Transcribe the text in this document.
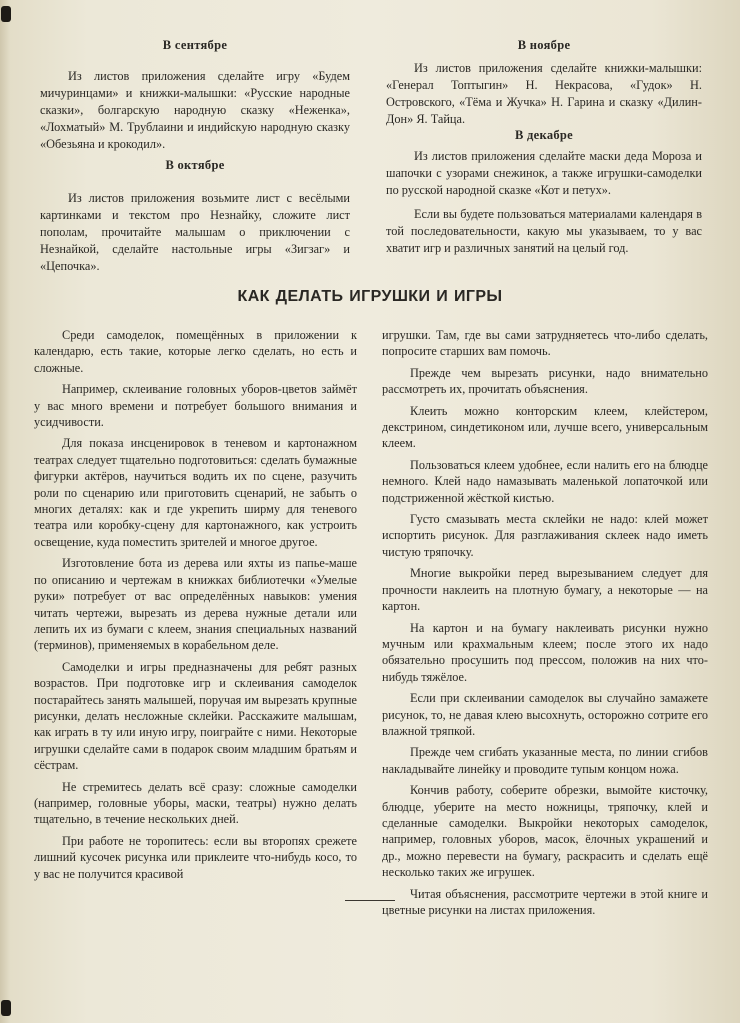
В сентябре

Из листов приложения сделайте игру «Будем мичуринцами» и книжки-малышки: «Русские народные сказки», болгарскую народную сказку «Неженка», «Лохматый» М. Трублаини и индийскую народную сказку «Обезьяна и крокодил».

В октябре

Из листов приложения возьмите лист с весёлыми картинками и текстом про Незнайку, сложите лист пополам, прочитайте малышам о приключении с Незнайкой, сделайте настольные игры «Зигзаг» и «Цепочка».

В ноябре

Из листов приложения сделайте книжки-малышки: «Генерал Топтыгин» Н. Некрасова, «Гудок» Н. Островского, «Тёма и Жучка» Н. Гарина и сказку «Дилин-Дон» Я. Тайца.

В декабре

Из листов приложения сделайте маски деда Мороза и шапочки с узорами снежинок, а также игрушки-самоделки по русской народной сказке «Кот и петух».

Если вы будете пользоваться материалами календаря в той последовательности, какую мы указываем, то у вас хватит игр и различных занятий на целый год.

КАК ДЕЛАТЬ ИГРУШКИ И ИГРЫ

Среди самоделок, помещённых в приложении к календарю, есть такие, которые легко сделать, но есть и сложные.

Например, склеивание головных уборов-цветов займёт у вас много времени и потребует большого внимания и усидчивости.

Для показа инсценировок в теневом и картонажном театрах следует тщательно подготовиться: сделать бумажные фигурки актёров, научиться водить их по сцене, разучить роли по сценарию или приготовить сценарий, не забыть о многих деталях: как и где укрепить ширму для теневого театра или коробку-сцену для картонажного, как устроить освещение, куда поместить зрителей и многое другое.

Изготовление бота из дерева или яхты из папье-маше по описанию и чертежам в книжках библиотечки «Умелые руки» потребует от вас определённых навыков: умения читать чертежи, вырезать из дерева нужные детали или лепить их из бумаги с клеем, знания специальных названий (терминов), применяемых в корабельном деле.

Самоделки и игры предназначены для ребят разных возрастов. При подготовке игр и склеивания самоделок постарайтесь занять малышей, поручая им вырезать крупные рисунки, делать несложные склейки. Расскажите малышам, как играть в ту или иную игру, поиграйте с ними. Некоторые игрушки сделайте сами в подарок своим младшим братьям и сёстрам.

Не стремитесь делать всё сразу: сложные самоделки (например, головные уборы, маски, театры) нужно делать тщательно, в течение нескольких дней.

При работе не торопитесь: если вы второпях срежете лишний кусочек рисунка или приклеите что-нибудь косо, то у вас не получится красивой

игрушки. Там, где вы сами затрудняетесь что-либо сделать, попросите старших вам помочь.

Прежде чем вырезать рисунки, надо внимательно рассмотреть их, прочитать объяснения.

Клеить можно конторским клеем, клейстером, декстрином, синдетиконом или, лучше всего, универсальным клеем.

Пользоваться клеем удобнее, если налить его на блюдце немного. Клей надо намазывать маленькой лопаточкой или подстриженной жёсткой кистью.

Густо смазывать места склейки не надо: клей может испортить рисунок. Для разглаживания склеек надо иметь чистую тряпочку.

Многие выкройки перед вырезыванием следует для прочности наклеить на плотную бумагу, а некоторые — на картон.

На картон и на бумагу наклеивать рисунки нужно мучным или крахмальным клеем; после этого их надо обязательно просушить под прессом, положив на них что-нибудь тяжёлое.

Если при склеивании самоделок вы случайно замажете рисунок, то, не давая клею высохнуть, осторожно сотрите его влажной тряпкой.

Прежде чем сгибать указанные места, по линии сгибов накладывайте линейку и проводите тупым концом ножа.

Кончив работу, соберите обрезки, вымойте кисточку, блюдце, уберите на место ножницы, тряпочку, клей и сделанные самоделки. Выкройки некоторых самоделок, например, головных уборов, масок, ёлочных украшений и др., можно перевести на бумагу, раскрасить и сделать ещё несколько таких же игрушек.

Читая объяснения, рассмотрите чертежи в этой книге и цветные рисунки на листах приложения.
